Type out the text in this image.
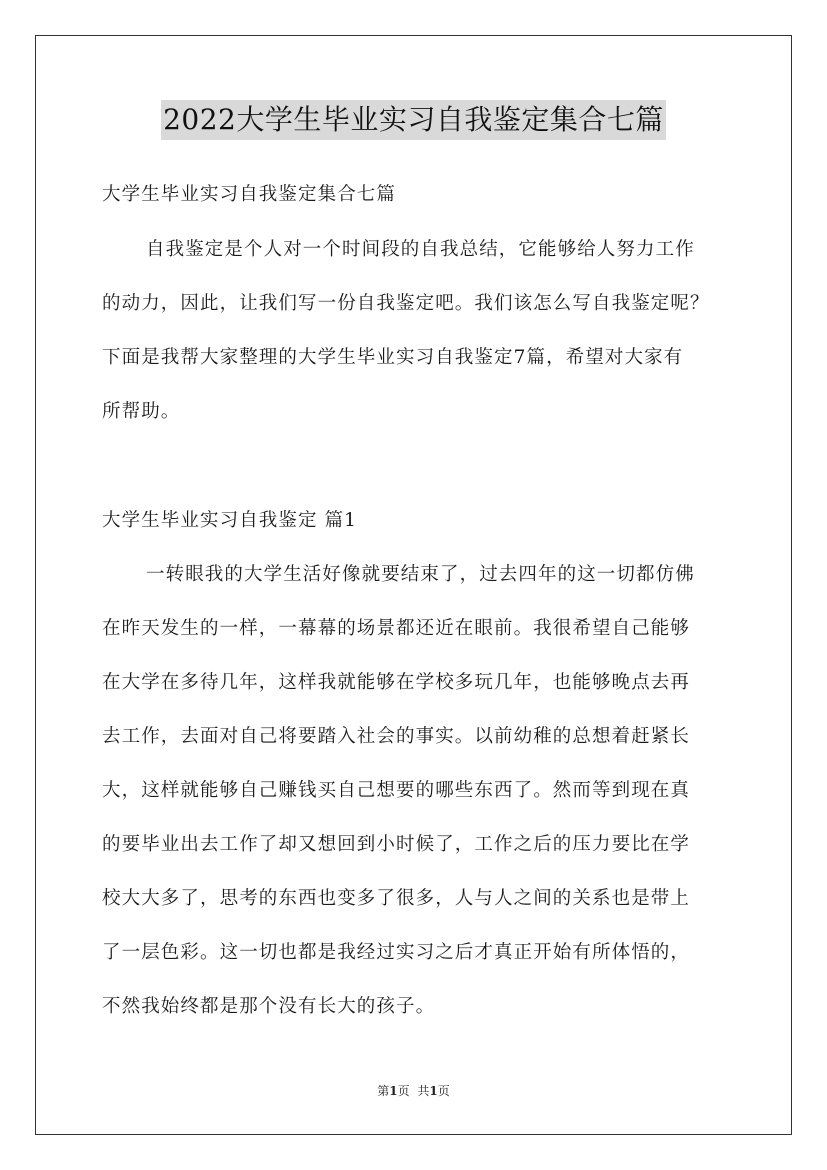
2022大学生毕业实习自我鉴定集合七篇
大学生毕业实习自我鉴定集合七篇
自我鉴定是个人对一个时间段的自我总结，它能够给人努力工作
的动力，因此，让我们写一份自我鉴定吧。我们该怎么写自我鉴定呢？
下面是我帮大家整理的大学生毕业实习自我鉴定7篇，希望对大家有
所帮助。
大学生毕业实习自我鉴定 篇1
一转眼我的大学生活好像就要结束了，过去四年的这一切都仿佛
在昨天发生的一样，一幕幕的场景都还近在眼前。我很希望自己能够
在大学在多待几年，这样我就能够在学校多玩几年，也能够晚点去再
去工作，去面对自己将要踏入社会的事实。以前幼稚的总想着赶紧长
大，这样就能够自己赚钱买自己想要的哪些东西了。然而等到现在真
的要毕业出去工作了却又想回到小时候了，工作之后的压力要比在学
校大大多了，思考的东西也变多了很多，人与人之间的关系也是带上
了一层色彩。这一切也都是我经过实习之后才真正开始有所体悟的，
不然我始终都是那个没有长大的孩子。
第1页 共1页
